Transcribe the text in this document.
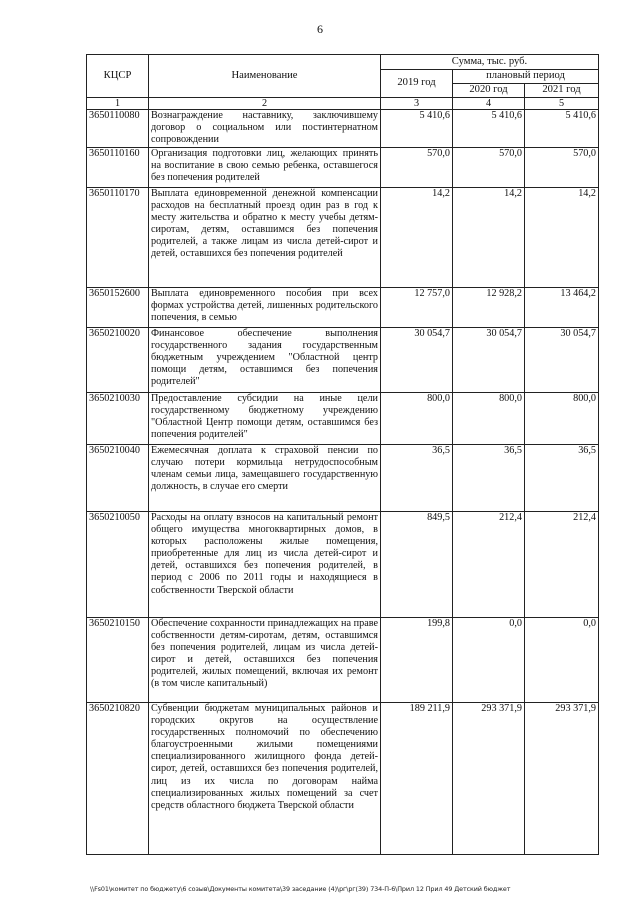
6
КЦСР	Наименование	Сумма, тыс. руб.		
		2019 год	плановый период	
			2020 год	2021 год
1	2	3	4	5
3650110080	Вознаграждение наставнику, заключившему договор о социальном или постинтернатном сопровождении	5 410,6	5 410,6	5 410,6
3650110160	Организация подготовки лиц, желающих принять на воспитание в свою семью ребенка, оставшегося без попечения родителей	570,0	570,0	570,0
3650110170	Выплата единовременной денежной компенсации расходов на бесплатный проезд один раз в год к месту жительства и обратно к месту учебы детям-сиротам, детям, оставшимся без попечения родителей, а также лицам из числа детей-сирот и детей, оставшихся без попечения родителей	14,2	14,2	14,2
3650152600	Выплата единовременного пособия при всех формах устройства детей, лишенных родительского попечения, в семью	12 757,0	12 928,2	13 464,2
3650210020	Финансовое обеспечение выполнения государственного задания государственным бюджетным учреждением "Областной центр помощи детям, оставшимся без попечения родителей"	30 054,7	30 054,7	30 054,7
3650210030	Предоставление субсидии на иные цели государственному бюджетному учреждению "Областной Центр помощи детям, оставшимся без попечения родителей"	800,0	800,0	800,0
3650210040	Ежемесячная доплата к страховой пенсии по случаю потери кормильца нетрудоспособным членам семьи лица, замещавшего государственную должность, в случае его смерти	36,5	36,5	36,5
3650210050	Расходы на оплату взносов на капитальный ремонт общего имущества многоквартирных домов, в которых расположены жилые помещения, приобретенные для лиц из числа детей-сирот и детей, оставшихся без попечения родителей, в период с 2006 по 2011 годы и находящиеся в собственности Тверской области	849,5	212,4	212,4
3650210150	Обеспечение сохранности принадлежащих на праве собственности детям-сиротам, детям, оставшимся без попечения родителей, лицам из числа детей-сирот и детей, оставшихся без попечения родителей, жилых помещений, включая их ремонт (в том числе капитальный)	199,8	0,0	0,0
3650210820	Субвенции бюджетам муниципальных районов и городских округов на осуществление государственных полномочий по обеспечению благоустроенными жилыми помещениями специализированного жилищного фонда детей-сирот, детей, оставшихся без попечения родителей, лиц из их числа по договорам найма специализированных жилых помещений за счет средств областного бюджета Тверской области	189 211,9	293 371,9	293 371,9
\\Fs01\комитет по бюджету\6 созыв\Документы комитета\39 заседание (4)\рг\рг(39) 734-П-6\Прил 12 Прил 49 Детский бюджет
